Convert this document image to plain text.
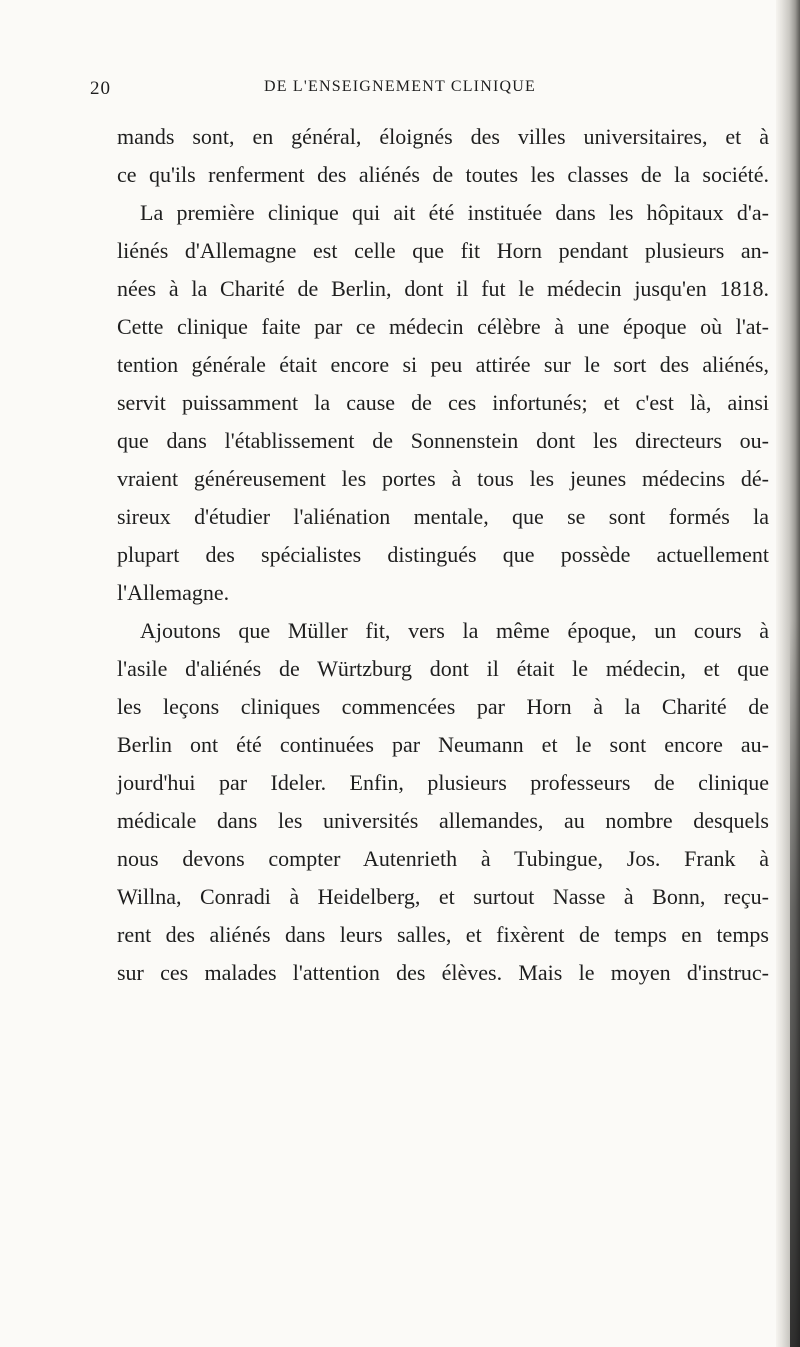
20	DE L'ENSEIGNEMENT CLINIQUE
mands sont, en général, éloignés des villes universitaires, et à
ce qu'ils renferment des aliénés de toutes les classes de la société.
La première clinique qui ait été instituée dans les hôpitaux d'a-
liénés d'Allemagne est celle que fit Horn pendant plusieurs an-
nées à la Charité de Berlin, dont il fut le médecin jusqu'en 1818.
Cette clinique faite par ce médecin célèbre à une époque où l'at-
tention générale était encore si peu attirée sur le sort des aliénés,
servit puissamment la cause de ces infortunés; et c'est là, ainsi
que dans l'établissement de Sonnenstein dont les directeurs ou-
vraient généreusement les portes à tous les jeunes médecins dé-
sireux d'étudier l'aliénation mentale, que se sont formés la
plupart des spécialistes distingués que possède actuellement
l'Allemagne.
Ajoutons que Müller fit, vers la même époque, un cours à
l'asile d'aliénés de Würtzburg dont il était le médecin, et que
les leçons cliniques commencées par Horn à la Charité de
Berlin ont été continuées par Neumann et le sont encore au-
jourd'hui par Ideler. Enfin, plusieurs professeurs de clinique
médicale dans les universités allemandes, au nombre desquels
nous devons compter Autenrieth à Tubingue, Jos. Frank à
Willna, Conradi à Heidelberg, et surtout Nasse à Bonn, reçu-
rent des aliénés dans leurs salles, et fixèrent de temps en temps
sur ces malades l'attention des élèves. Mais le moyen d'instruc-
